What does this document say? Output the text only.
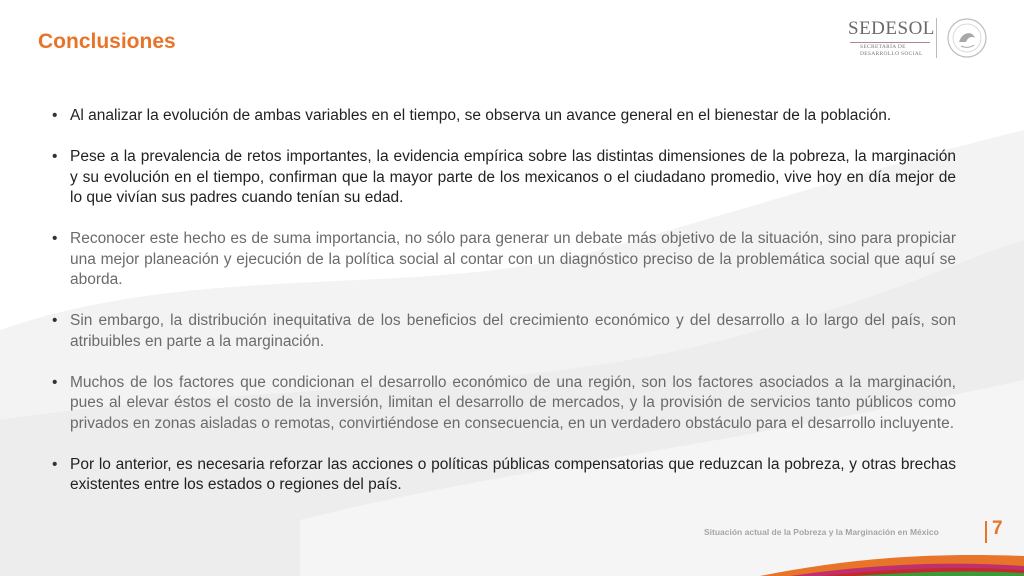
Conclusiones
SEDESOL
SECRETARÍA DE
DESARROLLO SOCIAL
• Al analizar la evolución de ambas variables en el tiempo, se observa un avance general en el bienestar de la población.
• Pese a la prevalencia de retos importantes, la evidencia empírica sobre las distintas dimensiones de la pobreza, la marginación y su evolución en el tiempo, confirman que la mayor parte de los mexicanos o el ciudadano promedio, vive hoy en día mejor de lo que vivían sus padres cuando tenían su edad.
• Reconocer este hecho es de suma importancia, no sólo para generar un debate más objetivo de la situación, sino para propiciar una mejor planeación y ejecución de la política social al contar con un diagnóstico preciso de la problemática social que aquí se aborda.
• Sin embargo, la distribución inequitativa de los beneficios del crecimiento económico y del desarrollo a lo largo del país, son atribuibles en parte a la marginación.
• Muchos de los factores que condicionan el desarrollo económico de una región, son los factores asociados a la marginación, pues al elevar éstos el costo de la inversión, limitan el desarrollo de mercados, y la provisión de servicios tanto públicos como privados en zonas aisladas o remotas, convirtiéndose en consecuencia, en un verdadero obstáculo para el desarrollo incluyente.
• Por lo anterior, es necesaria reforzar las acciones o políticas públicas compensatorias que reduzcan la pobreza, y otras brechas existentes entre los estados o regiones del país.
Situación actual de la Pobreza y la Marginación en México	7
